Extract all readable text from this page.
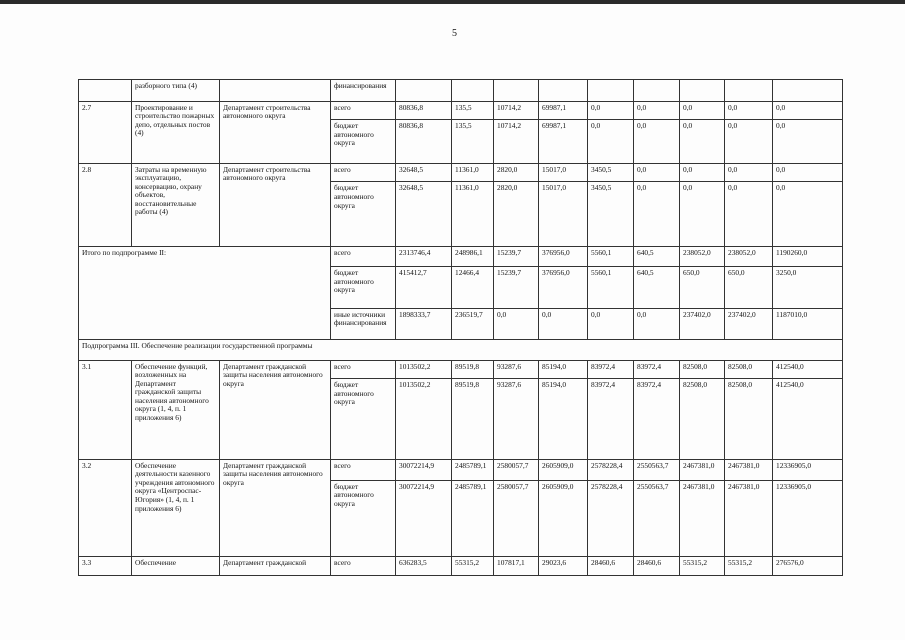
5
	разборного типа (4)		финансирования									
2.7	Проектирование и строительство пожарных депо, отдельных постов (4)	Департамент строительства автономного округа	всего	80836,8	135,5	10714,2	69987,1	0,0	0,0	0,0	0,0	0,0
			бюджет автономного округа	80836,8	135,5	10714,2	69987,1	0,0	0,0	0,0	0,0	0,0
2.8	Затраты на временную эксплуатацию, консервацию, охрану объектов, восстановительные работы (4)	Департамент строительства автономного округа	всего	32648,5	11361,0	2820,0	15017,0	3450,5	0,0	0,0	0,0	0,0
			бюджет автономного округа	32648,5	11361,0	2820,0	15017,0	3450,5	0,0	0,0	0,0	0,0
Итого по подпрограмме II:			всего	2313746,4	248986,1	15239,7	376956,0	5560,1	640,5	238052,0	238052,0	1190260,0
			бюджет автономного округа	415412,7	12466,4	15239,7	376956,0	5560,1	640,5	650,0	650,0	3250,0
			иные источники финансирования	1898333,7	236519,7	0,0	0,0	0,0	0,0	237402,0	237402,0	1187010,0
Подпрограмма III. Обеспечение реализации государственной программы												
3.1	Обеспечение функций, возложенных на Департамент гражданской защиты населения автономного округа (1, 4, п. 1 приложения 6)	Департамент гражданской защиты населения автономного округа	всего	1013502,2	89519,8	93287,6	85194,0	83972,4	83972,4	82508,0	82508,0	412540,0
			бюджет автономного округа	1013502,2	89519,8	93287,6	85194,0	83972,4	83972,4	82508,0	82508,0	412540,0
3.2	Обеспечение деятельности казенного учреждения автономного округа «Центроспас-Югория» (1, 4, п. 1 приложения 6)	Департамент гражданской защиты населения автономного округа	всего	30072214,9	2485789,1	2580057,7	2605909,0	2578228,4	2550563,7	2467381,0	2467381,0	12336905,0
			бюджет автономного округа	30072214,9	2485789,1	2580057,7	2605909,0	2578228,4	2550563,7	2467381,0	2467381,0	12336905,0
3.3	Обеспечение	Департамент гражданской	всего	636283,5	55315,2	107817,1	29023,6	28460,6	28460,6	55315,2	55315,2	276576,0
